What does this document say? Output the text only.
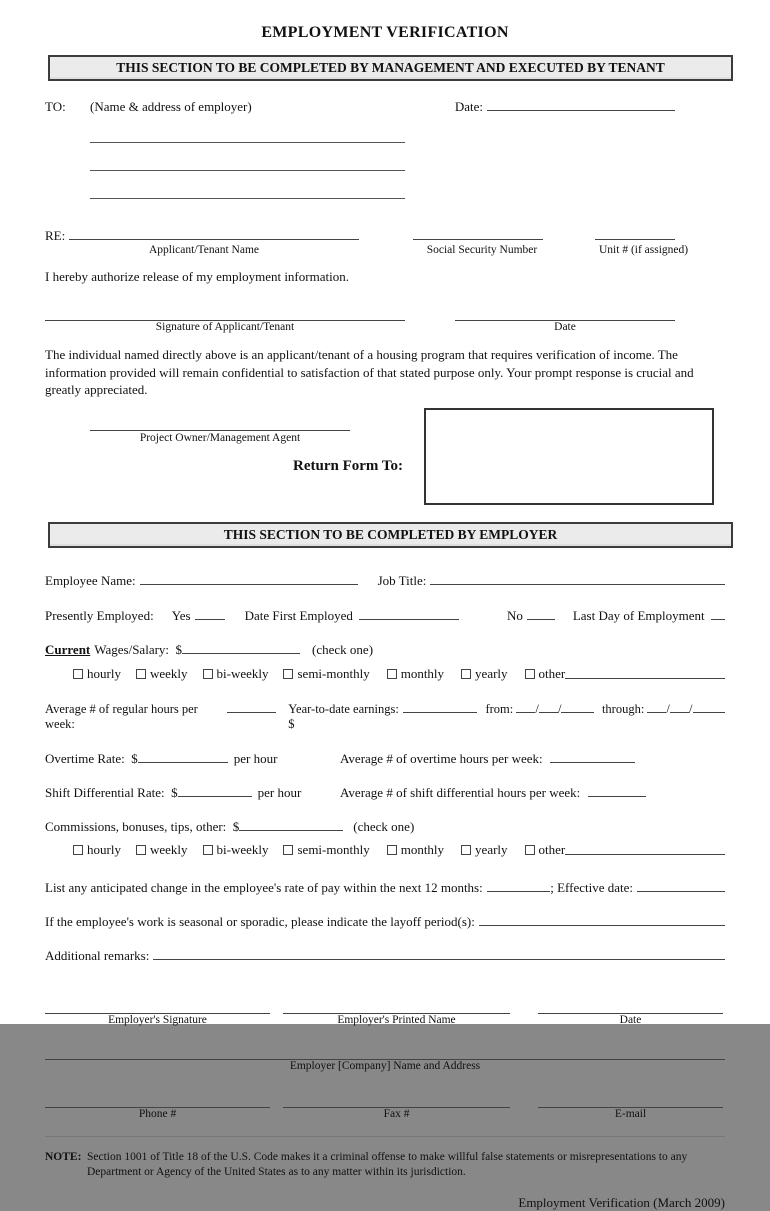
EMPLOYMENT VERIFICATION
THIS SECTION TO BE COMPLETED BY MANAGEMENT AND EXECUTED BY TENANT
TO:	(Name & address of employer)	Date:
RE:
Applicant/Tenant Name	Social Security Number	Unit # (if assigned)
I hereby authorize release of my employment information.
Signature of Applicant/Tenant	Date
The individual named directly above is an applicant/tenant of a housing program that requires verification of income. The information provided will remain confidential to satisfaction of that stated purpose only. Your prompt response is crucial and greatly appreciated.
Project Owner/Management Agent
Return Form To:
THIS SECTION TO BE COMPLETED BY EMPLOYER
Employee Name:	Job Title:
Presently Employed: Yes	Date First Employed	No	Last Day of Employment
Current Wages/Salary:  $	(check one)
hourly weekly bi-weekly semi-monthly monthly yearly other
Average # of regular hours per week:
Year-to-date earnings: $
from: / /	through: / /
Overtime Rate:  $	per hour	Average # of overtime hours per week:
Shift Differential Rate:  $	per hour	Average # of shift differential hours per week:
Commissions, bonuses, tips, other:  $	(check one)
hourly weekly bi-weekly semi-monthly monthly yearly other
List any anticipated change in the employee's rate of pay within the next 12 months:	; Effective date:
If the employee's work is seasonal or sporadic, please indicate the layoff period(s):
Additional remarks:
Employer's Signature	Employer's Printed Name	Date
Employer [Company] Name and Address
Phone #	Fax #	E-mail
NOTE: Section 1001 of Title 18 of the U.S. Code makes it a criminal offense to make willful false statements or misrepresentations to any Department or Agency of the United States as to any matter within its jurisdiction.
Employment Verification (March 2009)
